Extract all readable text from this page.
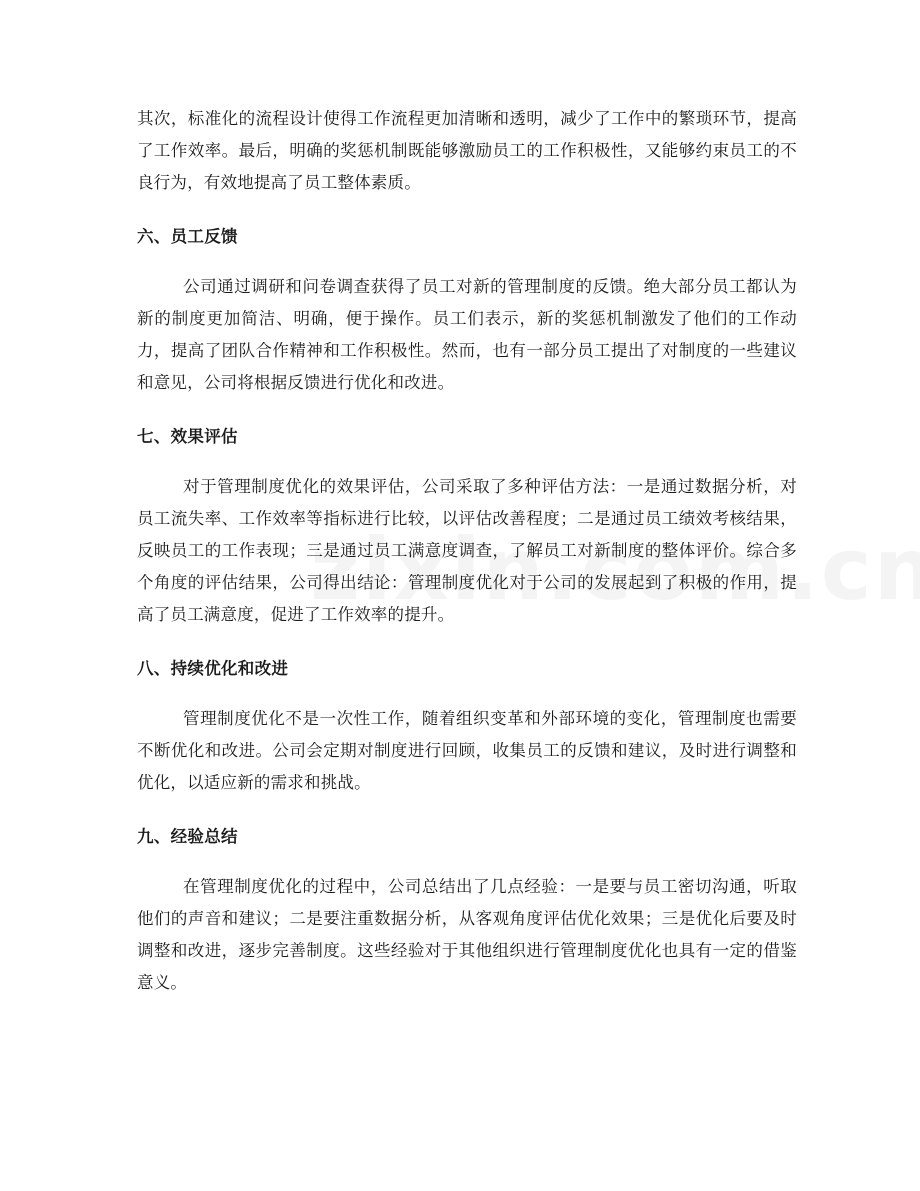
其次，标准化的流程设计使得工作流程更加清晰和透明，减少了工作中的繁琐环节，提高了工作效率。最后，明确的奖惩机制既能够激励员工的工作积极性，又能够约束员工的不良行为，有效地提高了员工整体素质。

六、员工反馈

公司通过调研和问卷调查获得了员工对新的管理制度的反馈。绝大部分员工都认为新的制度更加简洁、明确，便于操作。员工们表示，新的奖惩机制激发了他们的工作动力，提高了团队合作精神和工作积极性。然而，也有一部分员工提出了对制度的一些建议和意见，公司将根据反馈进行优化和改进。

七、效果评估

对于管理制度优化的效果评估，公司采取了多种评估方法：一是通过数据分析，对员工流失率、工作效率等指标进行比较，以评估改善程度；二是通过员工绩效考核结果，反映员工的工作表现；三是通过员工满意度调查，了解员工对新制度的整体评价。综合多个角度的评估结果，公司得出结论：管理制度优化对于公司的发展起到了积极的作用，提高了员工满意度，促进了工作效率的提升。

八、持续优化和改进

管理制度优化不是一次性工作，随着组织变革和外部环境的变化，管理制度也需要不断优化和改进。公司会定期对制度进行回顾，收集员工的反馈和建议，及时进行调整和优化，以适应新的需求和挑战。

九、经验总结

在管理制度优化的过程中，公司总结出了几点经验：一是要与员工密切沟通，听取他们的声音和建议；二是要注重数据分析，从客观角度评估优化效果；三是优化后要及时调整和改进，逐步完善制度。这些经验对于其他组织进行管理制度优化也具有一定的借鉴意义。
